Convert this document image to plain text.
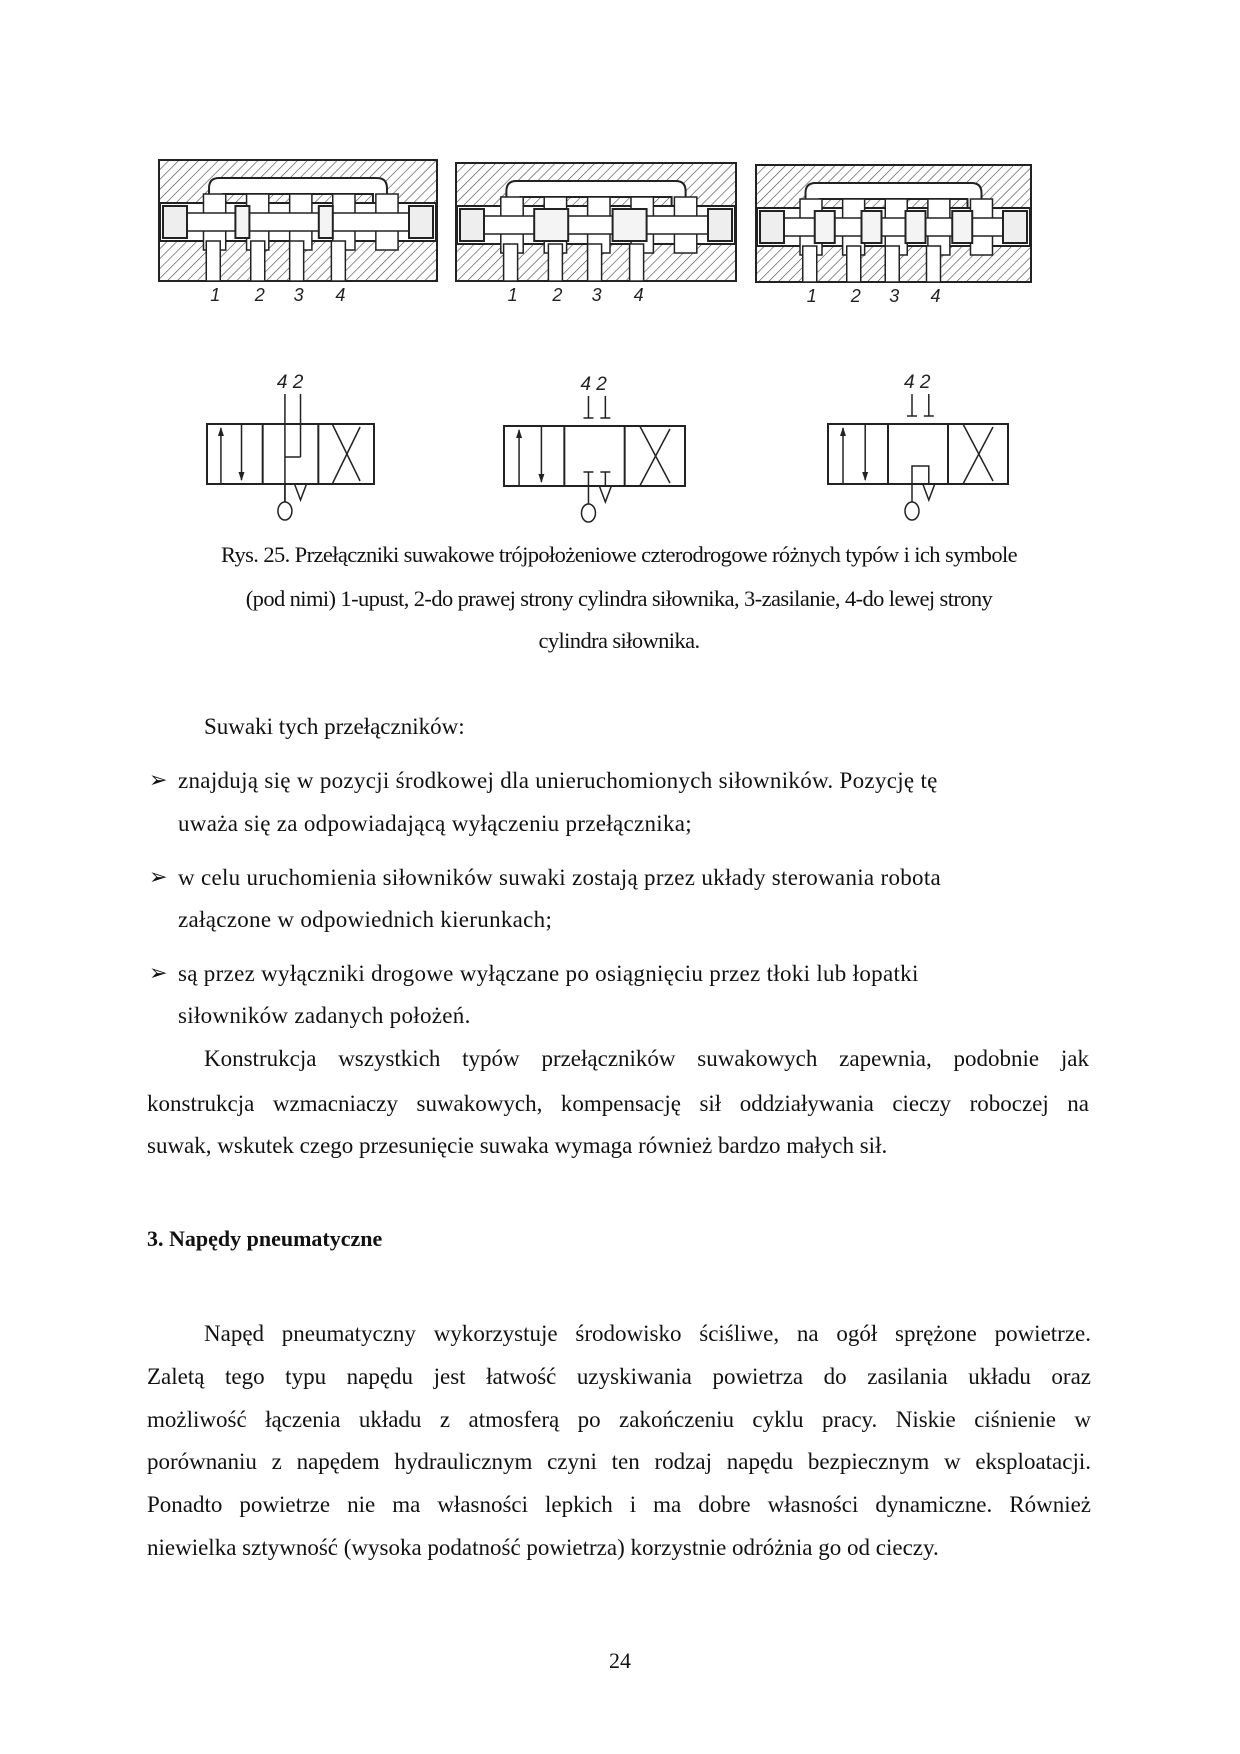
1 2 3 4	1 2 3 4	1 2 3 4
4 2	4 2	4 2
Rys. 25. Przełączniki suwakowe trójpołożeniowe czterodrogowe różnych typów i ich symbole
(pod nimi) 1-upust, 2-do prawej strony cylindra siłownika, 3-zasilanie, 4-do lewej strony
cylindra siłownika.
Suwaki tych przełączników:
➢ znajdują się w pozycji środkowej dla unieruchomionych siłowników. Pozycję tę
uważa się za odpowiadającą wyłączeniu przełącznika;
➢ w celu uruchomienia siłowników suwaki zostają przez układy sterowania robota
załączone w odpowiednich kierunkach;
➢ są przez wyłączniki drogowe wyłączane po osiągnięciu przez tłoki lub łopatki
siłowników zadanych położeń.
Konstrukcja wszystkich typów przełączników suwakowych zapewnia, podobnie jak
konstrukcja wzmacniaczy suwakowych, kompensację sił oddziaływania cieczy roboczej na
suwak, wskutek czego przesunięcie suwaka wymaga również bardzo małych sił.
3. Napędy pneumatyczne
Napęd pneumatyczny wykorzystuje środowisko ściśliwe, na ogół sprężone powietrze.
Zaletą tego typu napędu jest łatwość uzyskiwania powietrza do zasilania układu oraz
możliwość łączenia układu z atmosferą po zakończeniu cyklu pracy. Niskie ciśnienie w
porównaniu z napędem hydraulicznym czyni ten rodzaj napędu bezpiecznym w eksploatacji.
Ponadto powietrze nie ma własności lepkich i ma dobre własności dynamiczne. Również
niewielka sztywność (wysoka podatność powietrza) korzystnie odróżnia go od cieczy.
24
